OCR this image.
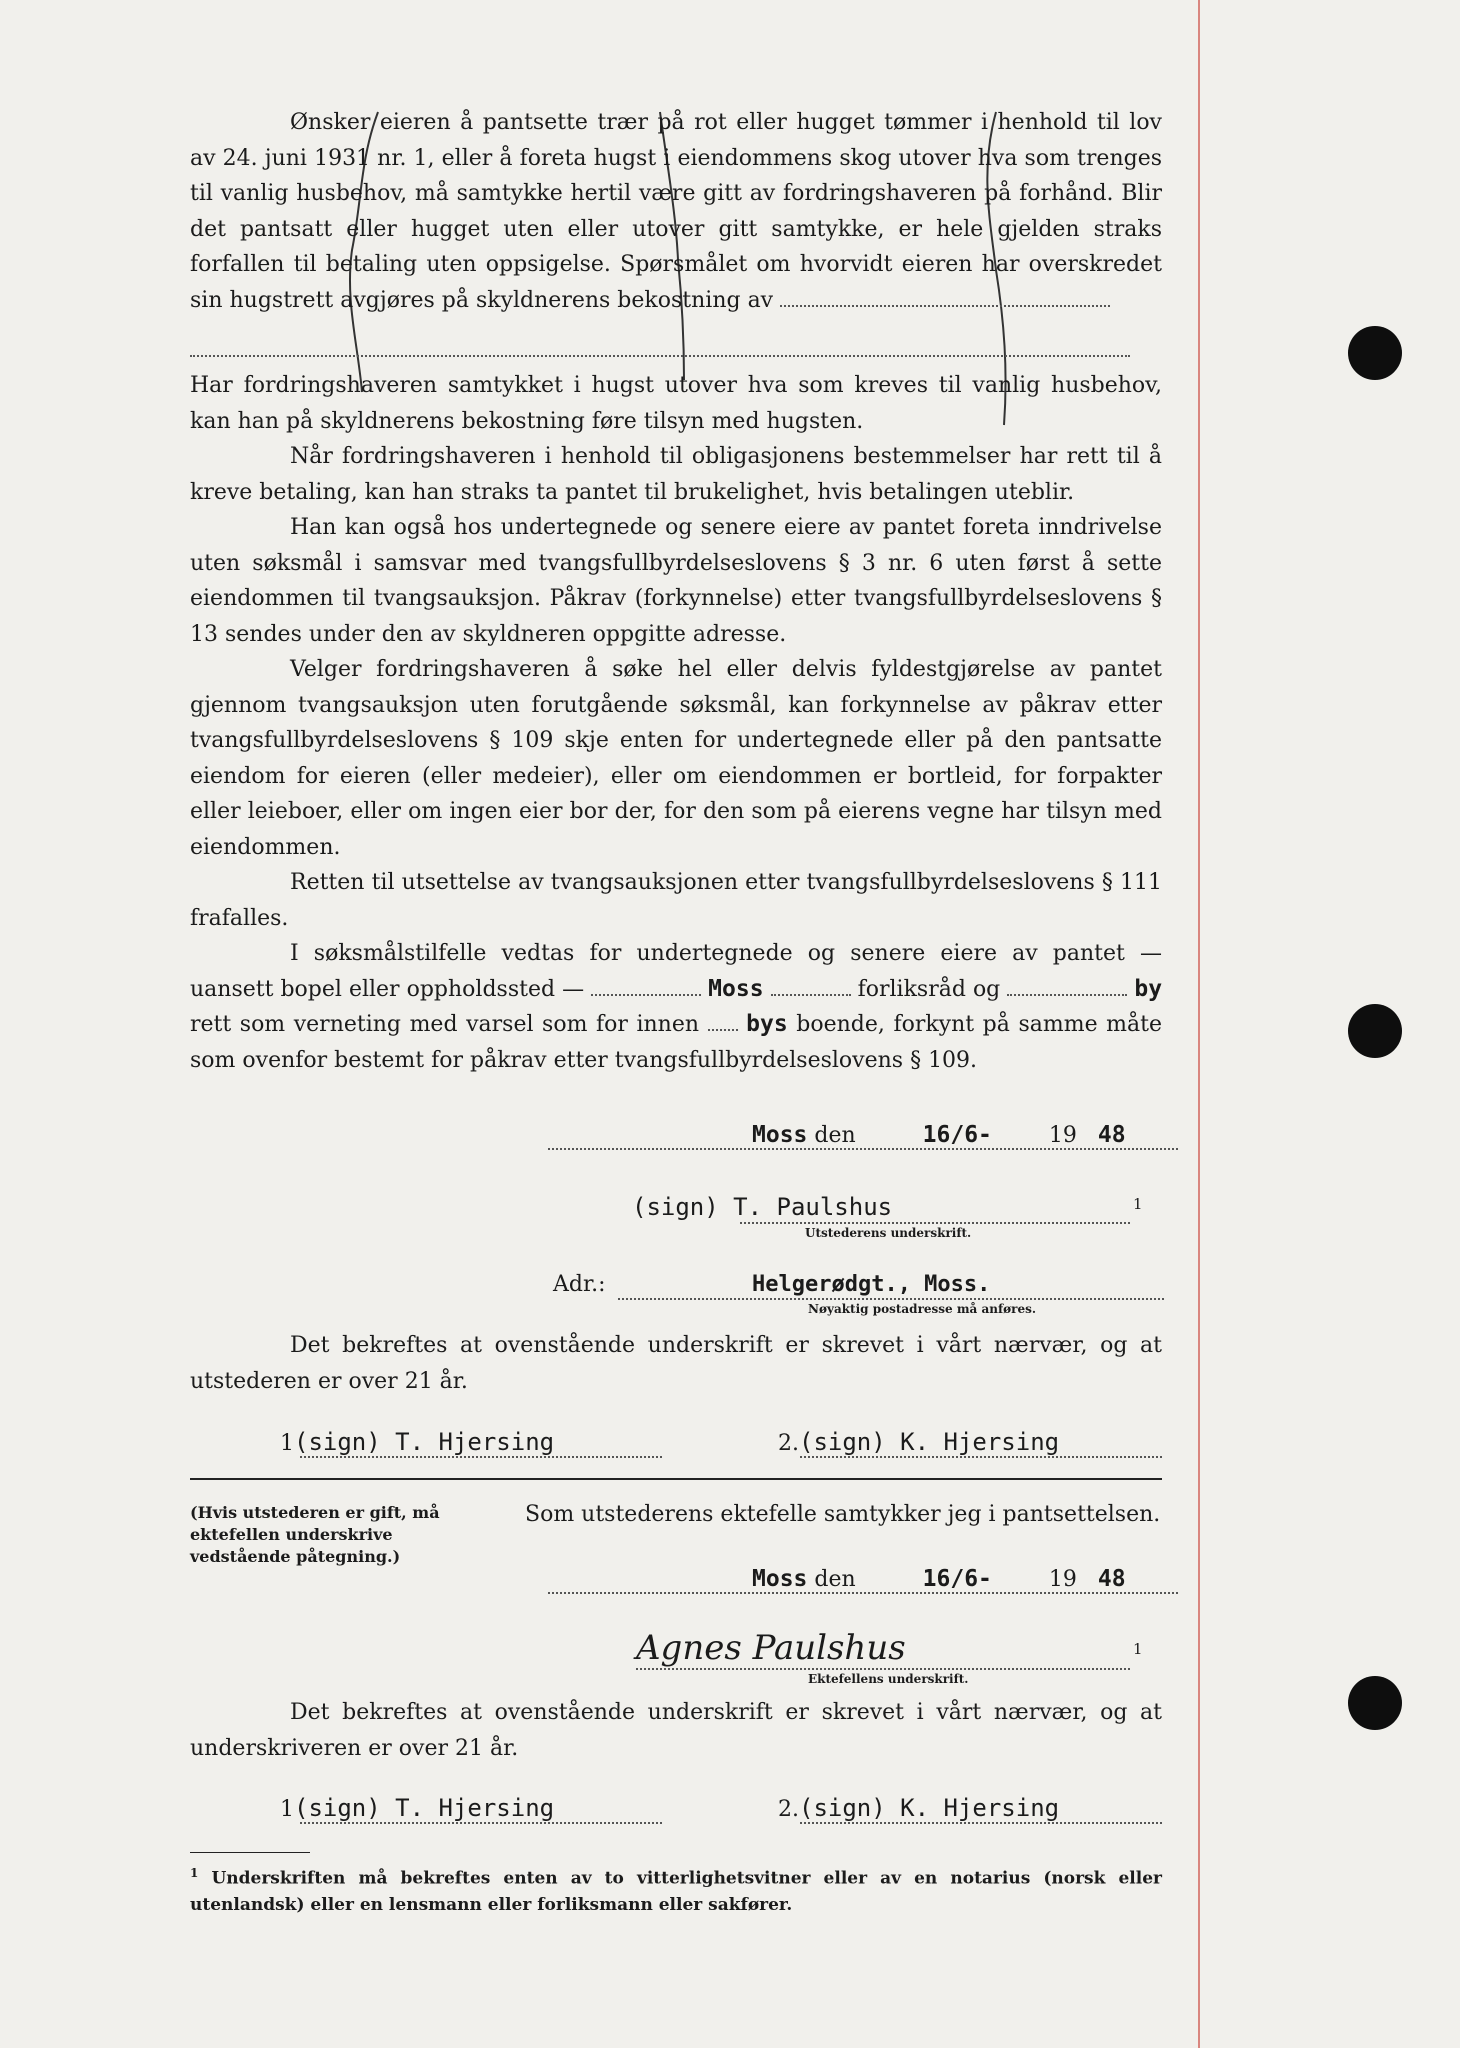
Ønsker eieren å pantsette trær på rot eller hugget tømmer i henhold til lov av 24. juni 1931 nr. 1, eller å foreta hugst i eiendommens skog utover hva som trenges til vanlig husbehov, må samtykke hertil være gitt av fordringshaveren på forhånd. Blir det pantsatt eller hugget uten eller utover gitt samtykke, er hele gjelden straks forfallen til betaling uten oppsigelse. Spørsmålet om hvorvidt eieren har overskredet sin hugstrett avgjøres på skyldnerens bekostning av

Har fordringshaveren samtykket i hugst utover hva som kreves til vanlig husbehov, kan han på skyldnerens bekostning føre tilsyn med hugsten.

Når fordringshaveren i henhold til obligasjonens bestemmelser har rett til å kreve betaling, kan han straks ta pantet til brukelighet, hvis betalingen uteblir.

Han kan også hos undertegnede og senere eiere av pantet foreta inndrivelse uten søksmål i samsvar med tvangsfullbyrdelseslovens § 3 nr. 6 uten først å sette eiendommen til tvangsauksjon. Påkrav (forkynnelse) etter tvangsfullbyrdelseslovens § 13 sendes under den av skyldneren oppgitte adresse.

Velger fordringshaveren å søke hel eller delvis fyldestgjørelse av pantet gjennom tvangsauksjon uten forutgående søksmål, kan forkynnelse av påkrav etter tvangsfullbyrdelseslovens § 109 skje enten for undertegnede eller på den pantsatte eiendom for eieren (eller medeier), eller om eiendommen er bortleid, for forpakter eller leieboer, eller om ingen eier bor der, for den som på eierens vegne har tilsyn med eiendommen.

Retten til utsettelse av tvangsauksjonen etter tvangsfullbyrdelseslovens § 111 frafalles.

I søksmålstilfelle vedtas for undertegnede og senere eiere av pantet — uansett bopel eller oppholdssted —	Moss	forliksråd og	by rett som verneting med varsel som for innen bys boende, forkynt på samme måte som ovenfor bestemt for påkrav etter tvangsfullbyrdelseslovens § 109.

Moss den	16/6-	19 48
(sign) T. Paulshus	1
Utstederens underskrift.
Adr.:	Helgerødgt., Moss.
Nøyaktig postadresse må anføres.

Det bekreftes at ovenstående underskrift er skrevet i vårt nærvær, og at utstederen er over 21 år.

1(sign) T. Hjersing	2.(sign) K. Hjersing
(Hvis utstederen er gift, må ektefellen underskrive vedstående påtegning.)
Som utstederens ektefelle samtykker jeg i pantsettelsen.
Moss den	16/6-	19 48
Agnes Paulshus	1
Ektefellens underskrift.

Det bekreftes at ovenstående underskrift er skrevet i vårt nærvær, og at underskriveren er over 21 år.

1(sign) T. Hjersing	2.(sign) K. Hjersing
$^1$ Underskriften må bekreftes enten av to vitterlighetsvitner eller av en notarius (norsk eller utenlandsk) eller en lensmann eller forliksmann eller sakfører.
